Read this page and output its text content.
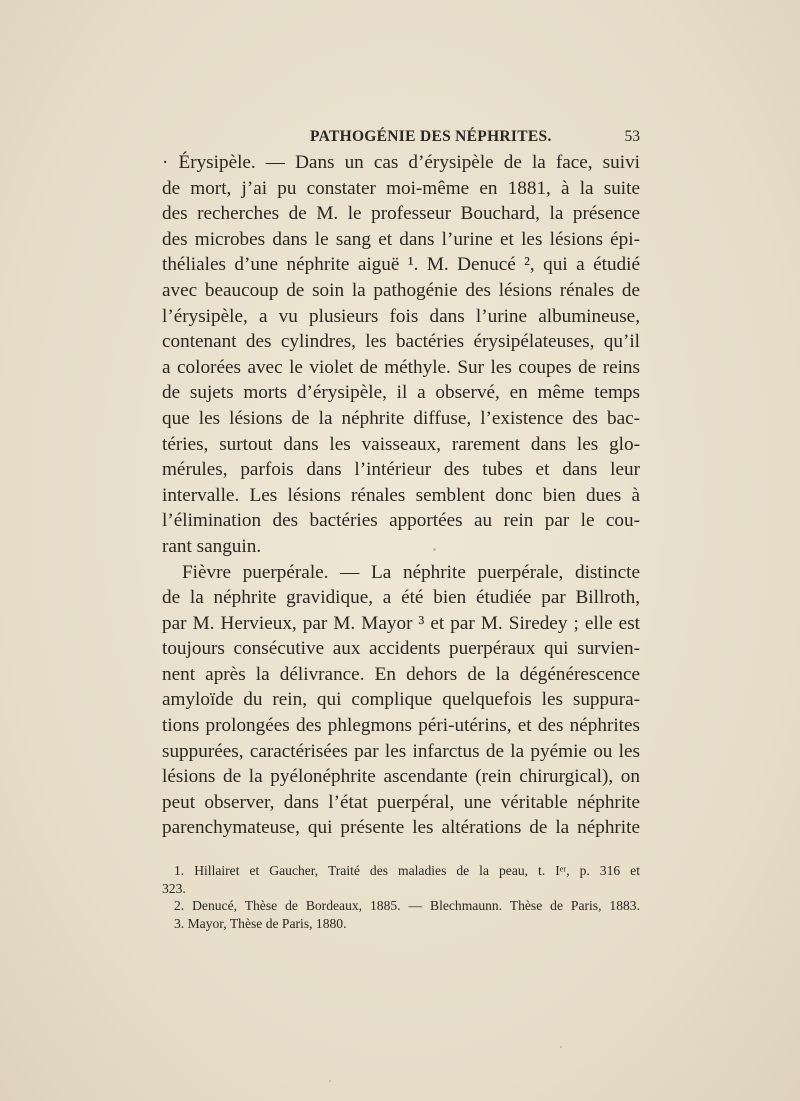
PATHOGÉNIE DES NÉPHRITES.	53
· Érysipèle. — Dans un cas d’érysipèle de la face, suivi
de mort, j’ai pu constater moi-même en 1881, à la suite
des recherches de M. le professeur Bouchard, la présence
des microbes dans le sang et dans l’urine et les lésions épi-
théliales d’une néphrite aiguë ¹. M. Denucé ², qui a étudié
avec beaucoup de soin la pathogénie des lésions rénales de
l’érysipèle, a vu plusieurs fois dans l’urine albumineuse,
contenant des cylindres, les bactéries érysipélateuses, qu’il
a colorées avec le violet de méthyle. Sur les coupes de reins
de sujets morts d’érysipèle, il a observé, en même temps
que les lésions de la néphrite diffuse, l’existence des bac-
téries, surtout dans les vaisseaux, rarement dans les glo-
mérules, parfois dans l’intérieur des tubes et dans leur
intervalle. Les lésions rénales semblent donc bien dues à
l’élimination des bactéries apportées au rein par le cou-
rant sanguin.
Fièvre puerpérale. — La néphrite puerpérale, distincte
de la néphrite gravidique, a été bien étudiée par Billroth,
par M. Hervieux, par M. Mayor ³ et par M. Siredey ; elle est
toujours consécutive aux accidents puerpéraux qui survien-
nent après la délivrance. En dehors de la dégénérescence
amyloïde du rein, qui complique quelquefois les suppura-
tions prolongées des phlegmons péri-utérins, et des néphrites
suppurées, caractérisées par les infarctus de la pyémie ou les
lésions de la pyélonéphrite ascendante (rein chirurgical), on
peut observer, dans l’état puerpéral, une véritable néphrite
parenchymateuse, qui présente les altérations de la néphrite
1. Hillairet et Gaucher, Traité des maladies de la peau, t. Iᵉʳ, p. 316 et
323.
2. Denucé, Thèse de Bordeaux, 1885. — Blechmaunn. Thèse de Paris, 1883.
3. Mayor, Thèse de Paris, 1880.
